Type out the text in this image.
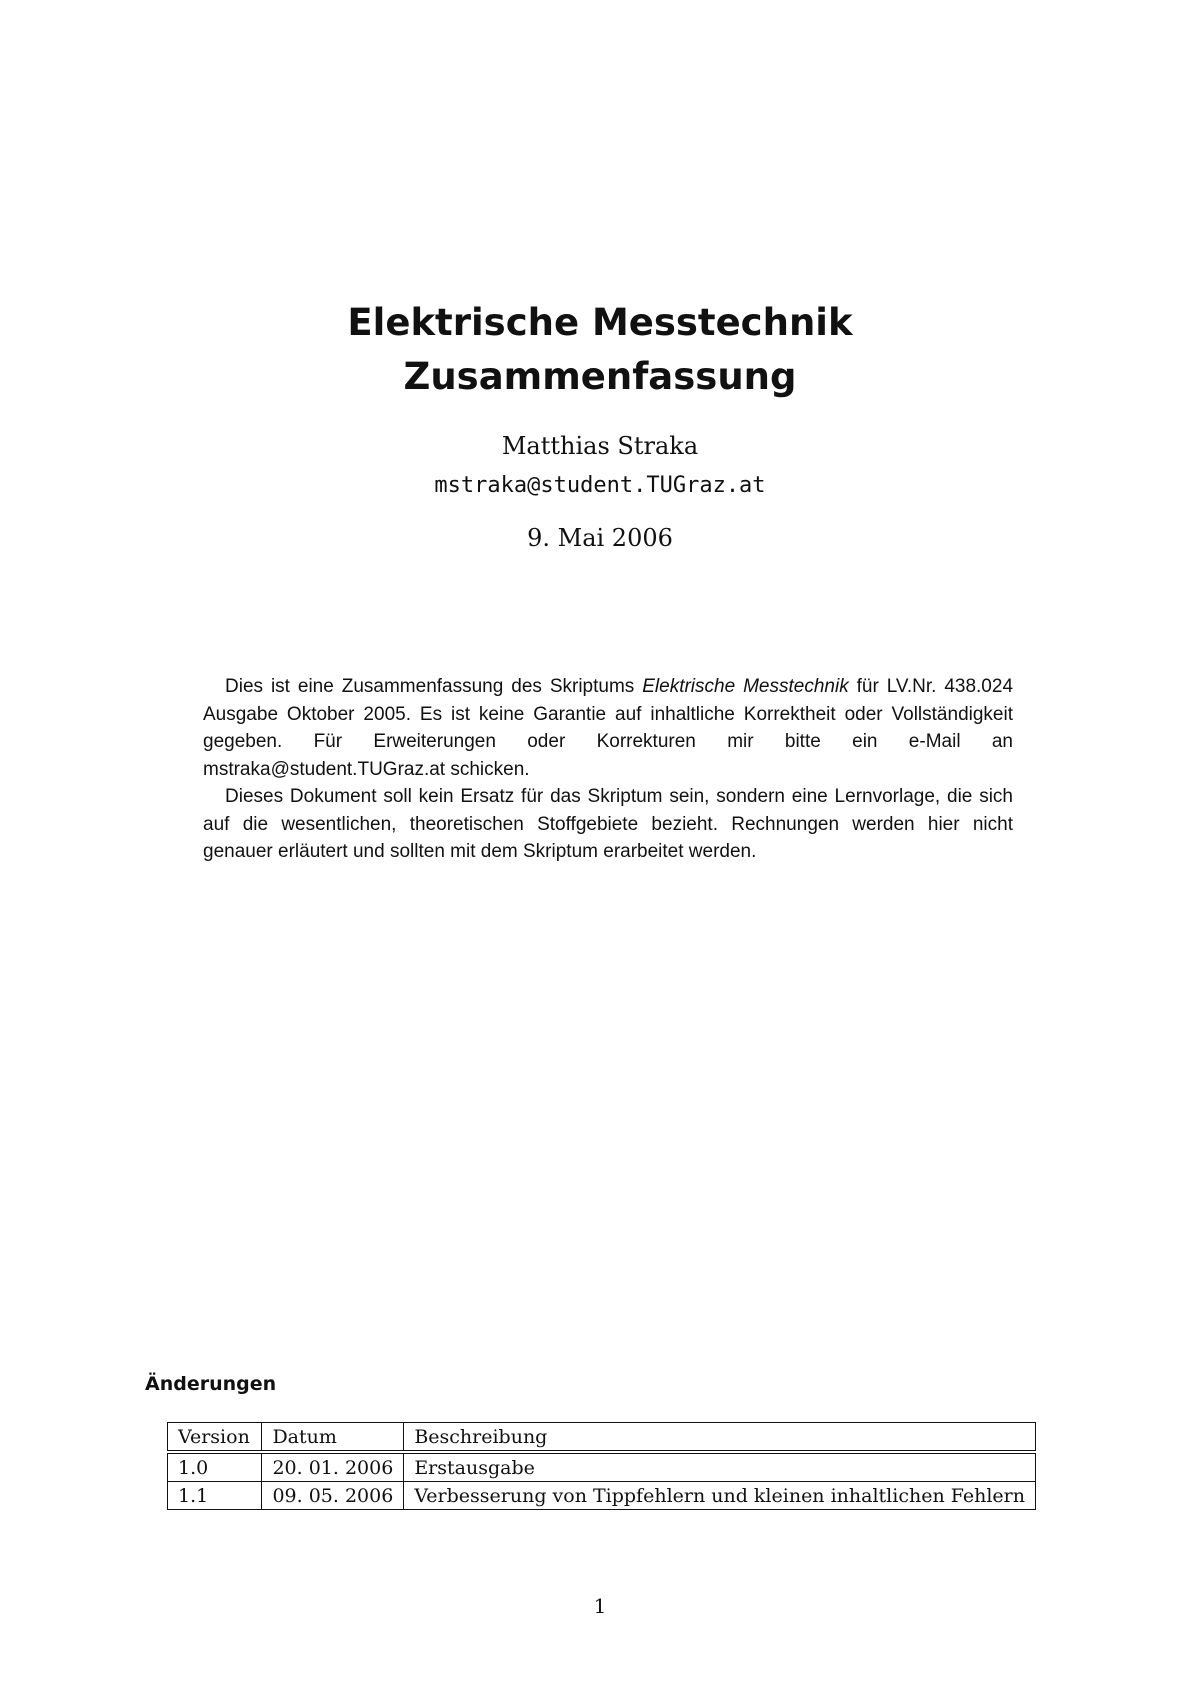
Elektrische Messtechnik
Zusammenfassung
Matthias Straka
mstraka@student.TUGraz.at
9. Mai 2006

Dies ist eine Zusammenfassung des Skriptums Elektrische Messtechnik für LV.Nr. 438.024 Ausgabe Oktober 2005. Es ist keine Garantie auf inhaltliche Korrektheit oder Vollständigkeit gegeben. Für Erweiterungen oder Korrekturen mir bitte ein e-Mail an mstraka@student.TUGraz.at schicken.

Dieses Dokument soll kein Ersatz für das Skriptum sein, sondern eine Lernvorlage, die sich auf die wesentlichen, theoretischen Stoffgebiete bezieht. Rechnungen werden hier nicht genauer erläutert und sollten mit dem Skriptum erarbeitet werden.

Änderungen
Version	Datum	Beschreibung
1.0	20. 01. 2006	Erstausgabe
1.1	09. 05. 2006	Verbesserung von Tippfehlern und kleinen inhaltlichen Fehlern
1
